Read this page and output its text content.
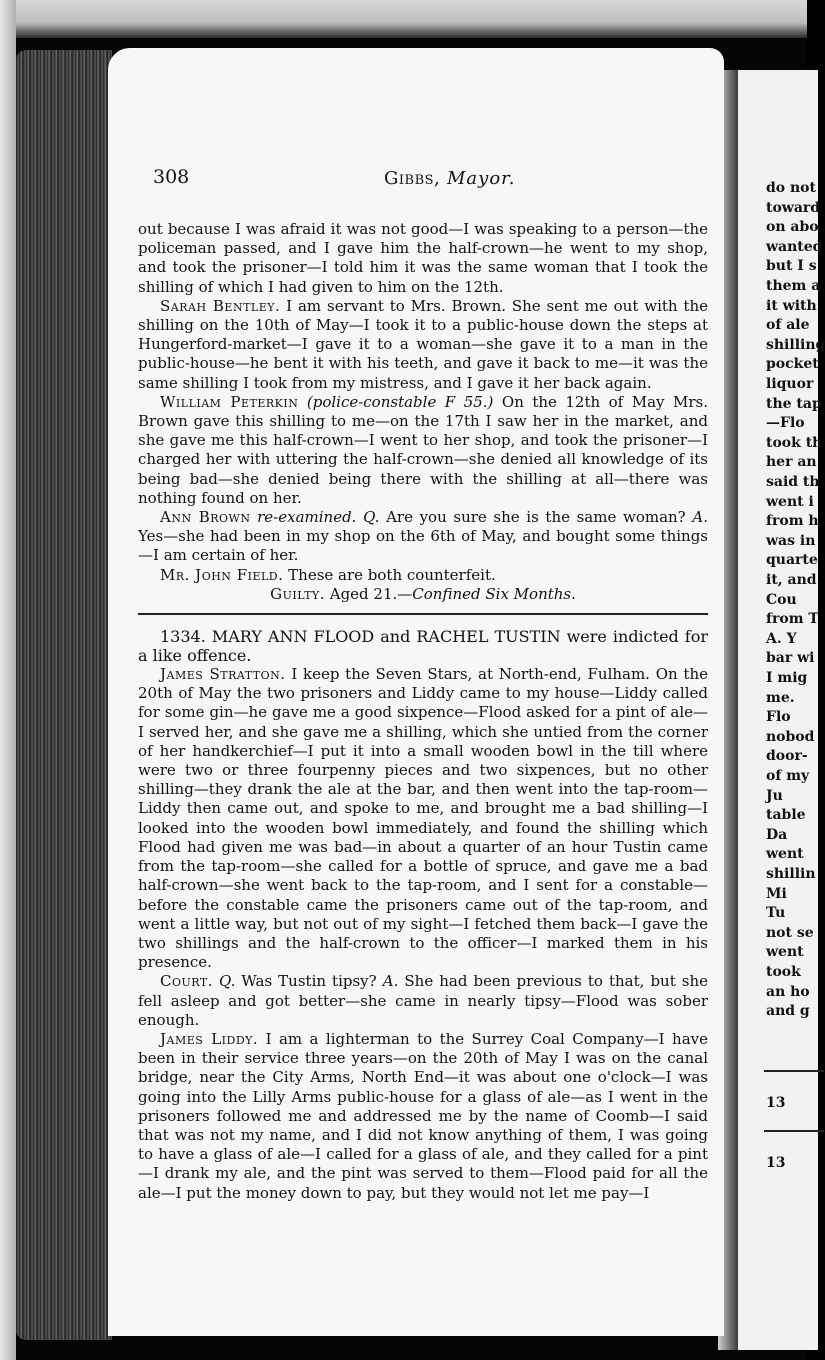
do not
toward
on abo
wanted
but I s
them a
it with
of ale
shilling
pocket
liquor
the tap
—Flo
took th
her an
said th
went i
from h
was in
quarte
it, and
Cou
from T
A. Y
bar wi
I mig
me.
Flo
nobod
door-
of my
Ju
table
Da
went
shillin
Mi
Tu
not se
went
took
an ho
and g
13
13
308	Gibbs, Mayor.

out because I was afraid it was not good—I was speaking to a person—the policeman passed, and I gave him the half-crown—he went to my shop, and took the prisoner—I told him it was the same woman that I took the shilling of which I had given to him on the 12th.

Sarah Bentley. I am servant to Mrs. Brown. She sent me out with the shilling on the 10th of May—I took it to a public-house down the steps at Hungerford-market—I gave it to a woman—she gave it to a man in the public-house—he bent it with his teeth, and gave it back to me—it was the same shilling I took from my mistress, and I gave it her back again.

William Peterkin (police-constable F 55.) On the 12th of May Mrs. Brown gave this shilling to me—on the 17th I saw her in the market, and she gave me this half-crown—I went to her shop, and took the prisoner—I charged her with uttering the half-crown—she denied all knowledge of its being bad—she denied being there with the shilling at all—there was nothing found on her.

Ann Brown re-examined. Q. Are you sure she is the same woman? A. Yes—she had been in my shop on the 6th of May, and bought some things—I am certain of her.

Mr. John Field. These are both counterfeit.

Guilty. Aged 21.—Confined Six Months.

1334. MARY ANN FLOOD and RACHEL TUSTIN were indicted for a like offence.

James Stratton. I keep the Seven Stars, at North-end, Fulham. On the 20th of May the two prisoners and Liddy came to my house—Liddy called for some gin—he gave me a good sixpence—Flood asked for a pint of ale—I served her, and she gave me a shilling, which she untied from the corner of her handkerchief—I put it into a small wooden bowl in the till where were two or three fourpenny pieces and two sixpences, but no other shilling—they drank the ale at the bar, and then went into the tap-room—Liddy then came out, and spoke to me, and brought me a bad shilling—I looked into the wooden bowl immediately, and found the shilling which Flood had given me was bad—in about a quarter of an hour Tustin came from the tap-room—she called for a bottle of spruce, and gave me a bad half-crown—she went back to the tap-room, and I sent for a constable—before the constable came the prisoners came out of the tap-room, and went a little way, but not out of my sight—I fetched them back—I gave the two shillings and the half-crown to the officer—I marked them in his presence.

Court. Q. Was Tustin tipsy? A. She had been previous to that, but she fell asleep and got better—she came in nearly tipsy—Flood was sober enough.

James Liddy. I am a lighterman to the Surrey Coal Company—I have been in their service three years—on the 20th of May I was on the canal bridge, near the City Arms, North End—it was about one o'clock—I was going into the Lilly Arms public-house for a glass of ale—as I went in the prisoners followed me and addressed me by the name of Coomb—I said that was not my name, and I did not know anything of them, I was going to have a glass of ale—I called for a glass of ale, and they called for a pint—I drank my ale, and the pint was served to them—Flood paid for all the ale—I put the money down to pay, but they would not let me pay—I
